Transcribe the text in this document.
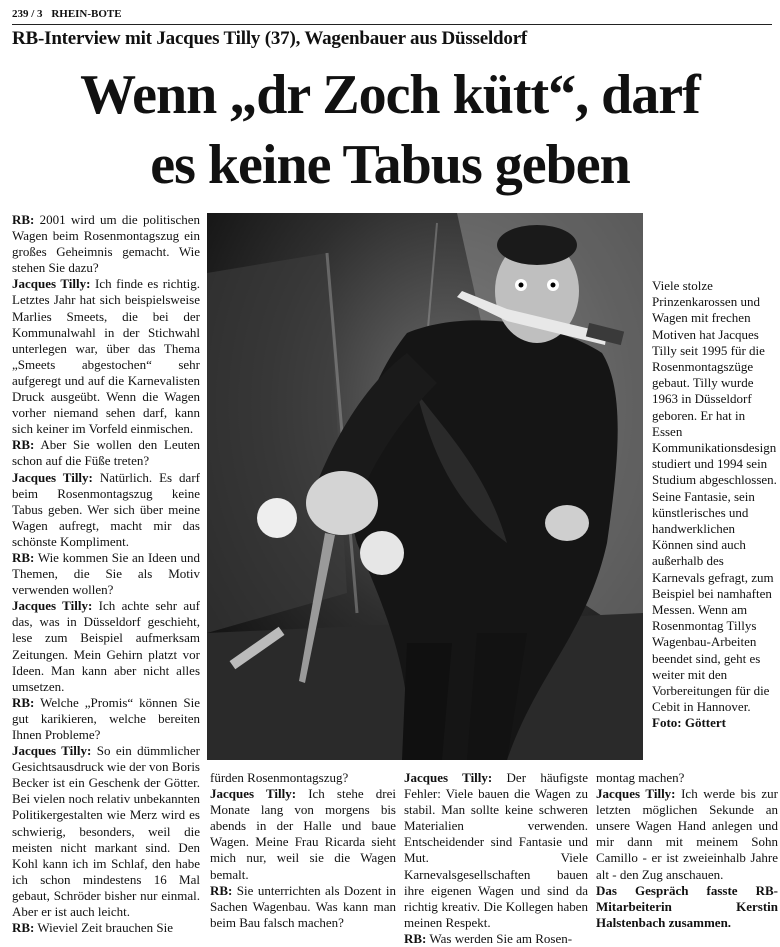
239 / 3 RHEIN-BOTE
RB-Interview mit Jacques Tilly (37), Wagenbauer aus Düsseldorf
Wenn „dr Zoch kütt“, darf
es keine Tabus geben

RB: 2001 wird um die politischen Wagen beim Rosenmontagszug ein großes Geheimnis gemacht. Wie stehen Sie dazu?

Jacques Tilly: Ich finde es richtig. Letztes Jahr hat sich beispielsweise Marlies Smeets, die bei der Kommunalwahl in der Stichwahl unterlegen war, über das Thema „Smeets abgestochen“ sehr aufgeregt und auf die Karnevalisten Druck ausgeübt. Wenn die Wagen vorher niemand sehen darf, kann sich keiner im Vorfeld einmischen.

RB: Aber Sie wollen den Leuten schon auf die Füße treten?

Jacques Tilly: Natürlich. Es darf beim Rosenmontagszug keine Tabus geben. Wer sich über meine Wagen aufregt, macht mir das schönste Kompliment.

RB: Wie kommen Sie an Ideen und Themen, die Sie als Motiv verwenden wollen?

Jacques Tilly: Ich achte sehr auf das, was in Düsseldorf geschieht, lese zum Beispiel aufmerksam Zeitungen. Mein Gehirn platzt vor Ideen. Man kann aber nicht alles umsetzen.

RB: Welche „Promis“ können Sie gut karikieren, welche bereiten Ihnen Probleme?

Jacques Tilly: So ein dümmlicher Gesichtsausdruck wie der von Boris Becker ist ein Geschenk der Götter. Bei vielen noch relativ unbekannten Politikergestalten wie Merz wird es schwierig, besonders, weil die meisten nicht markant sind. Den Kohl kann ich im Schlaf, den habe ich schon mindestens 16 Mal gebaut, Schröder bisher nur einmal. Aber er ist auch leicht.

RB: Wieviel Zeit brauchen Sie

Viele stolze Prinzenkarossen und Wagen mit frechen Motiven hat Jacques Tilly seit 1995 für die Rosenmontagszüge gebaut. Tilly wurde 1963 in Düsseldorf geboren. Er hat in Essen Kommunikationsdesign studiert und 1994 sein Studium abgeschlossen. Seine Fantasie, sein künstlerisches und handwerklichen Können sind auch außerhalb des Karnevals gefragt, zum Beispiel bei namhaften Messen. Wenn am Rosenmontag Tillys Wagenbau-Arbeiten beendet sind, geht es weiter mit den Vorbereitungen für die Cebit in Hannover.
Foto: Göttert

fürden Rosenmontagszug?

Jacques Tilly: Ich stehe drei Monate lang von morgens bis abends in der Halle und baue Wagen. Meine Frau Ricarda sieht mich nur, weil sie die Wagen bemalt.

RB: Sie unterrichten als Dozent in Sachen Wagenbau. Was kann man beim Bau falsch machen?

Jacques Tilly: Der häufigste Fehler: Viele bauen die Wagen zu stabil. Man sollte keine schweren Materialien verwenden. Entscheidender sind Fantasie und Mut. Viele Karnevalsgesellschaften bauen ihre eigenen Wagen und sind da richtig kreativ. Die Kollegen haben meinen Respekt.

RB: Was werden Sie am Rosen-

montag machen?

Jacques Tilly: Ich werde bis zur letzten möglichen Sekunde an unsere Wagen Hand anlegen und mir dann mit meinem Sohn Camillo - er ist zweieinhalb Jahre alt - den Zug anschauen.

Das Gespräch fasste RB-Mitarbeiterin Kerstin Halstenbach zusammen.
